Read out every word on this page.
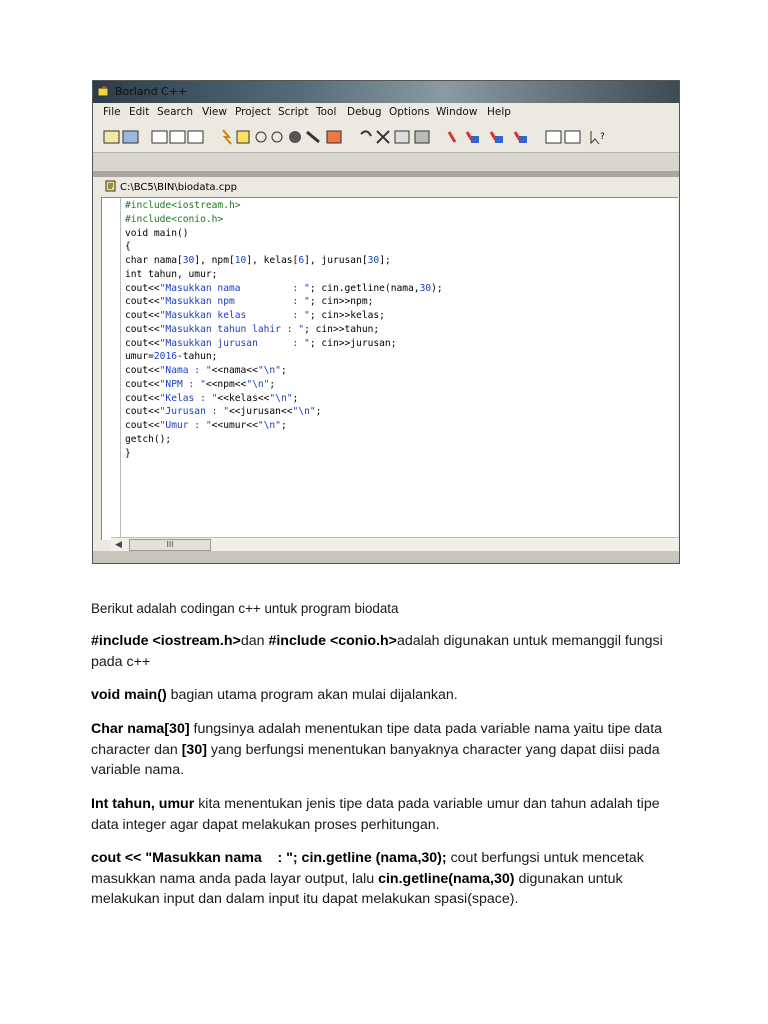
Borland C++
File Edit Search View Project Script Tool Debug Options Window Help
?
C:\BC5\BIN\biodata.cpp
#include<iostream.h>
#include<conio.h>
void main()
{
char nama[30], npm[10], kelas[6], jurusan[30];
int tahun, umur;
cout<<"Masukkan nama         : "; cin.getline(nama,30);
cout<<"Masukkan npm          : "; cin>>npm;
cout<<"Masukkan kelas        : "; cin>>kelas;
cout<<"Masukkan tahun lahir : "; cin>>tahun;
cout<<"Masukkan jurusan      : "; cin>>jurusan;
umur=2016-tahun;
cout<<"Nama : "<<nama<<"\n";
cout<<"NPM : "<<npm<<"\n";
cout<<"Kelas : "<<kelas<<"\n";
cout<<"Jurusan : "<<jurusan<<"\n";
cout<<"Umur : "<<umur<<"\n";
getch();
}
◀	III

Berikut adalah codingan c++ untuk program biodata

#include <iostream.h>dan #include <conio.h>adalah digunakan untuk memanggil fungsi pada c++

void main() bagian utama program akan mulai dijalankan.

Char nama[30] fungsinya adalah menentukan tipe data pada variable nama yaitu tipe data character dan [30] yang berfungsi menentukan banyaknya character yang dapat diisi pada variable nama.

Int tahun, umur kita menentukan jenis tipe data pada variable umur dan tahun adalah tipe data integer agar dapat melakukan proses perhitungan.

cout << "Masukkan nama    : "; cin.getline (nama,30); cout berfungsi untuk mencetak masukkan nama anda pada layar output, lalu cin.getline(nama,30) digunakan untuk melakukan input dan dalam input itu dapat melakukan spasi(space).
